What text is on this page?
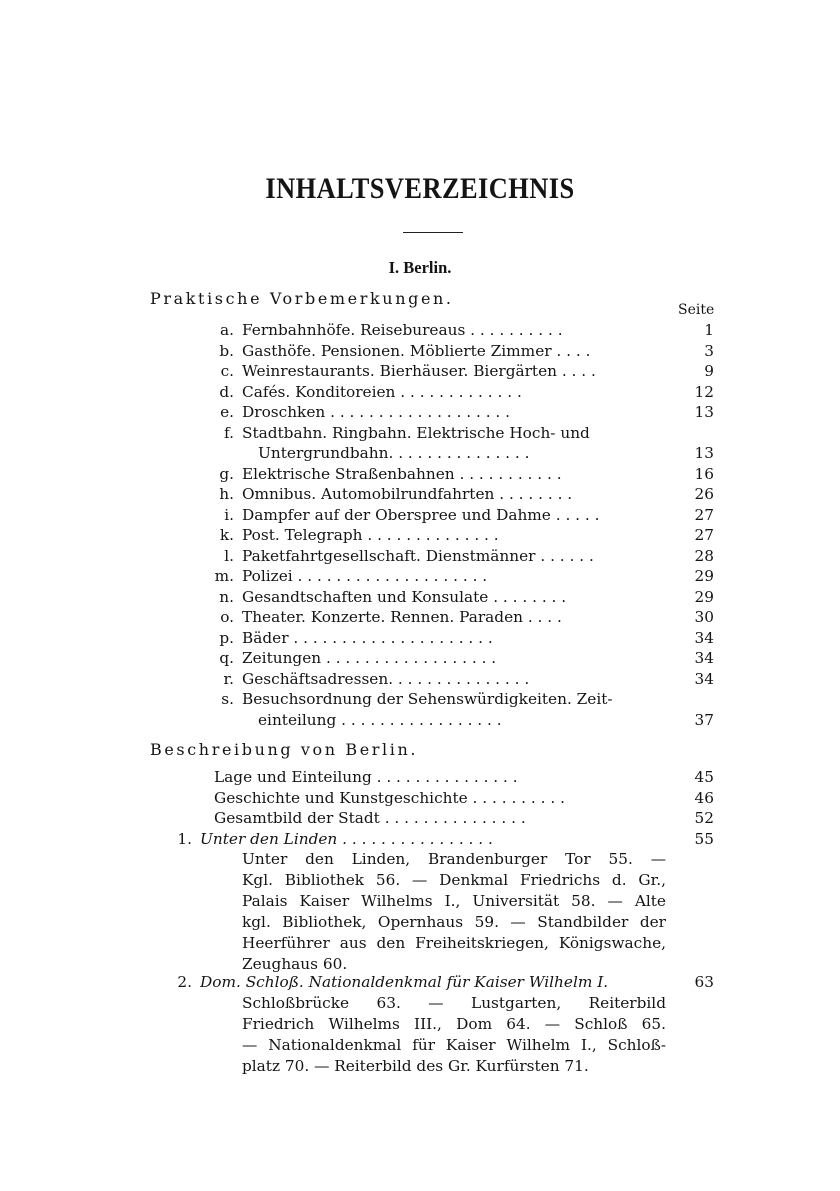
INHALTSVERZEICHNIS
I. Berlin.
Praktische Vorbemerkungen.
Seite
a. Fernbahnhöfe. Reisebureaus . . . . . . . . . .	1
b. Gasthöfe. Pensionen. Möblierte Zimmer . . . .	3
c. Weinrestaurants. Bierhäuser. Biergärten . . . .	9
d. Cafés. Konditoreien . . . . . . . . . . . . .	12
e. Droschken . . . . . . . . . . . . . . . . . . .	13
f. Stadtbahn. Ringbahn. Elektrische Hoch- und
Untergrundbahn. . . . . . . . . . . . . . .	13
g. Elektrische Straßenbahnen . . . . . . . . . . .	16
h. Omnibus. Automobilrundfahrten . . . . . . . .	26
i. Dampfer auf der Oberspree und Dahme . . . . .	27
k. Post. Telegraph . . . . . . . . . . . . . .	27
l. Paketfahrtgesellschaft. Dienstmänner . . . . . .	28
m. Polizei . . . . . . . . . . . . . . . . . . . .	29
n. Gesandtschaften und Konsulate . . . . . . . .	29
o. Theater. Konzerte. Rennen. Paraden . . . .	30
p. Bäder . . . . . . . . . . . . . . . . . . . . .	34
q. Zeitungen . . . . . . . . . . . . . . . . . .	34
r. Geschäftsadressen. . . . . . . . . . . . . . .	34
s. Besuchsordnung der Sehenswürdigkeiten. Zeit-
einteilung . . . . . . . . . . . . . . . . .	37
Beschreibung von Berlin.
Lage und Einteilung . . . . . . . . . . . . . . .	45
Geschichte und Kunstgeschichte . . . . . . . . . .	46
Gesamtbild der Stadt . . . . . . . . . . . . . . .	52
1. Unter den Linden . . . . . . . . . . . . . . . .	55
Unter den Linden, Brandenburger Tor 55. —
Kgl. Bibliothek 56. — Denkmal Friedrichs d. Gr.,
Palais Kaiser Wilhelms I., Universität 58. — Alte
kgl. Bibliothek, Opernhaus 59. — Standbilder der
Heerführer aus den Freiheitskriegen, Königswache,
Zeughaus 60.
2. Dom. Schloß. Nationaldenkmal für Kaiser Wilhelm I.	63
Schloßbrücke 63. — Lustgarten, Reiterbild
Friedrich Wilhelms III., Dom 64. — Schloß 65.
— Nationaldenkmal für Kaiser Wilhelm I., Schloß-
platz 70. — Reiterbild des Gr. Kurfürsten 71.
